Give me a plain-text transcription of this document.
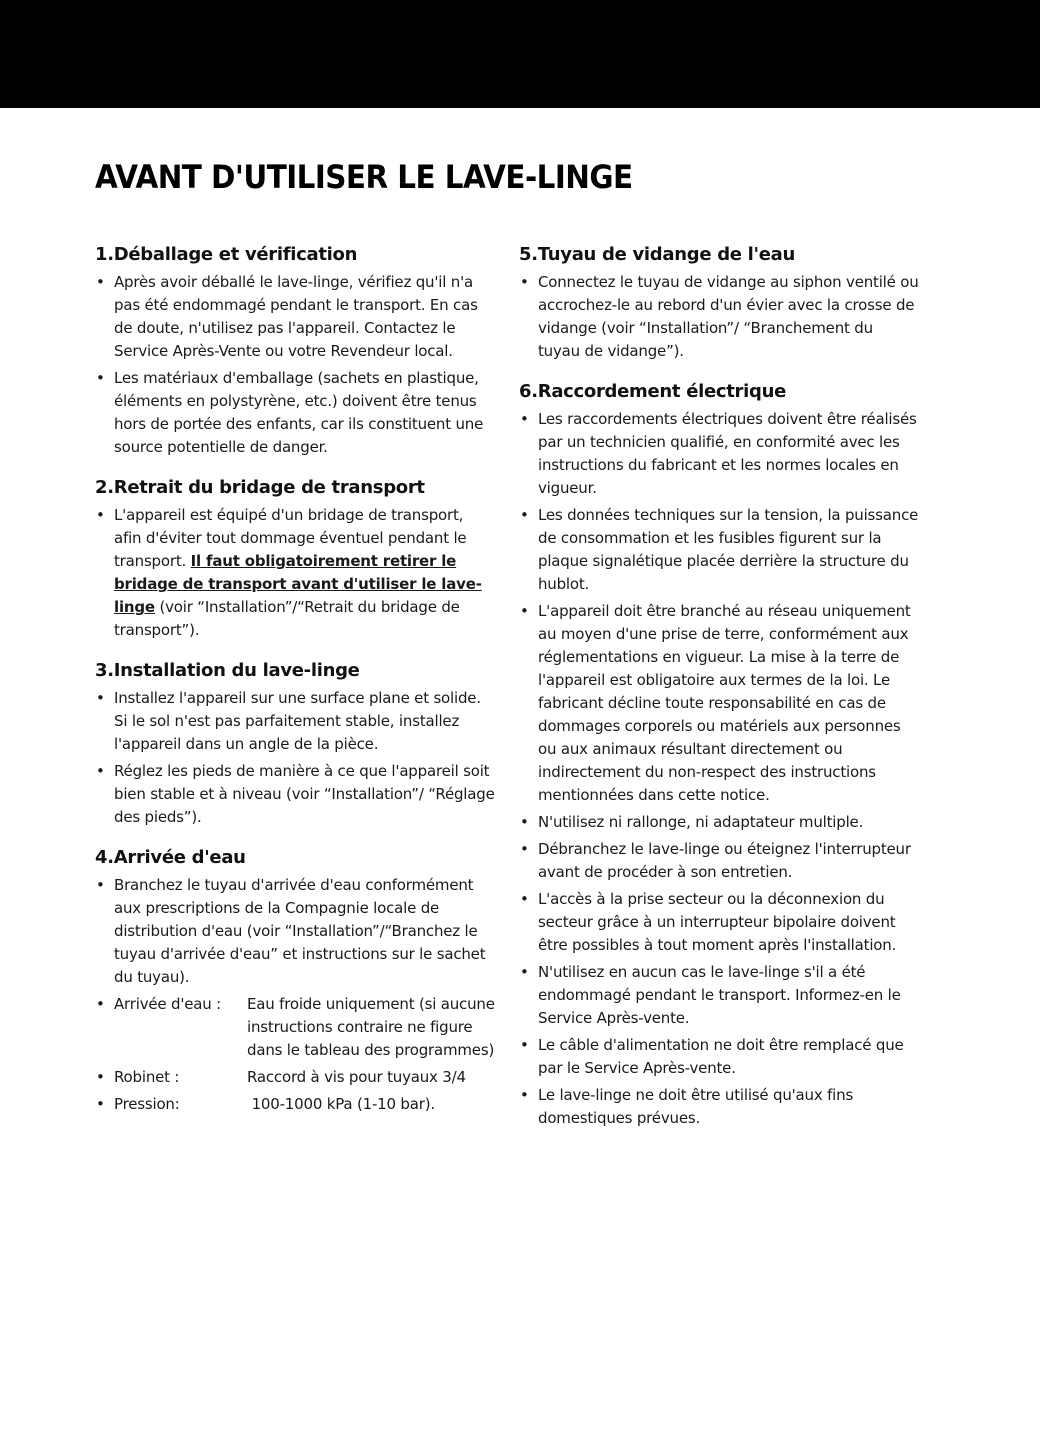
AVANT D'UTILISER LE LAVE-LINGE
1.Déballage et vérification
• Après avoir déballé le lave-linge, vérifiez qu'il n'a pas été endommagé pendant le transport. En cas de doute, n'utilisez pas l'appareil. Contactez le Service Après-Vente ou votre Revendeur local.
• Les matériaux d'emballage (sachets en plastique, éléments en polystyrène, etc.) doivent être tenus hors de portée des enfants, car ils constituent une source potentielle de danger.
2.Retrait du bridage de transport
• L'appareil est équipé d'un bridage de transport, afin d'éviter tout dommage éventuel pendant le transport. Il faut obligatoirement retirer le bridage de transport avant d'utiliser le lave-linge (voir “Installation”/“Retrait du bridage de transport”).
3.Installation du lave-linge
• Installez l'appareil sur une surface plane et solide. Si le sol n'est pas parfaitement stable, installez l'appareil dans un angle de la pièce.
• Réglez les pieds de manière à ce que l'appareil soit bien stable et à niveau (voir “Installation”/ “Réglage des pieds”).
4.Arrivée d'eau
• Branchez le tuyau d'arrivée d'eau conformément aux prescriptions de la Compagnie locale de distribution d'eau (voir “Installation”/“Branchez le tuyau d'arrivée d'eau” et instructions sur le sachet du tuyau).
• Arrivée d'eau :	Eau froide uniquement (si aucune instructions contraire ne figure dans le tableau des programmes)
• Robinet :	Raccord à vis pour tuyaux 3/4
• Pression:	100-1000 kPa (1-10 bar).
5.Tuyau de vidange de l'eau
• Connectez le tuyau de vidange au siphon ventilé ou accrochez-le au rebord d'un évier avec la crosse de vidange (voir “Installation”/ “Branchement du tuyau de vidange”).
6.Raccordement électrique
• Les raccordements électriques doivent être réalisés par un technicien qualifié, en conformité avec les instructions du fabricant et les normes locales en vigueur.
• Les données techniques sur la tension, la puissance de consommation et les fusibles figurent sur la plaque signalétique placée derrière la structure du hublot.
• L'appareil doit être branché au réseau uniquement au moyen d'une prise de terre, conformément aux réglementations en vigueur. La mise à la terre de l'appareil est obligatoire aux termes de la loi. Le fabricant décline toute responsabilité en cas de dommages corporels ou matériels aux personnes ou aux animaux résultant directement ou indirectement du non-respect des instructions mentionnées dans cette notice.
• N'utilisez ni rallonge, ni adaptateur multiple.
• Débranchez le lave-linge ou éteignez l'interrupteur avant de procéder à son entretien.
• L'accès à la prise secteur ou la déconnexion du secteur grâce à un interrupteur bipolaire doivent être possibles à tout moment après l'installation.
• N'utilisez en aucun cas le lave-linge s'il a été endommagé pendant le transport. Informez-en le Service Après-vente.
• Le câble d'alimentation ne doit être remplacé que par le Service Après-vente.
• Le lave-linge ne doit être utilisé qu'aux fins domestiques prévues.
